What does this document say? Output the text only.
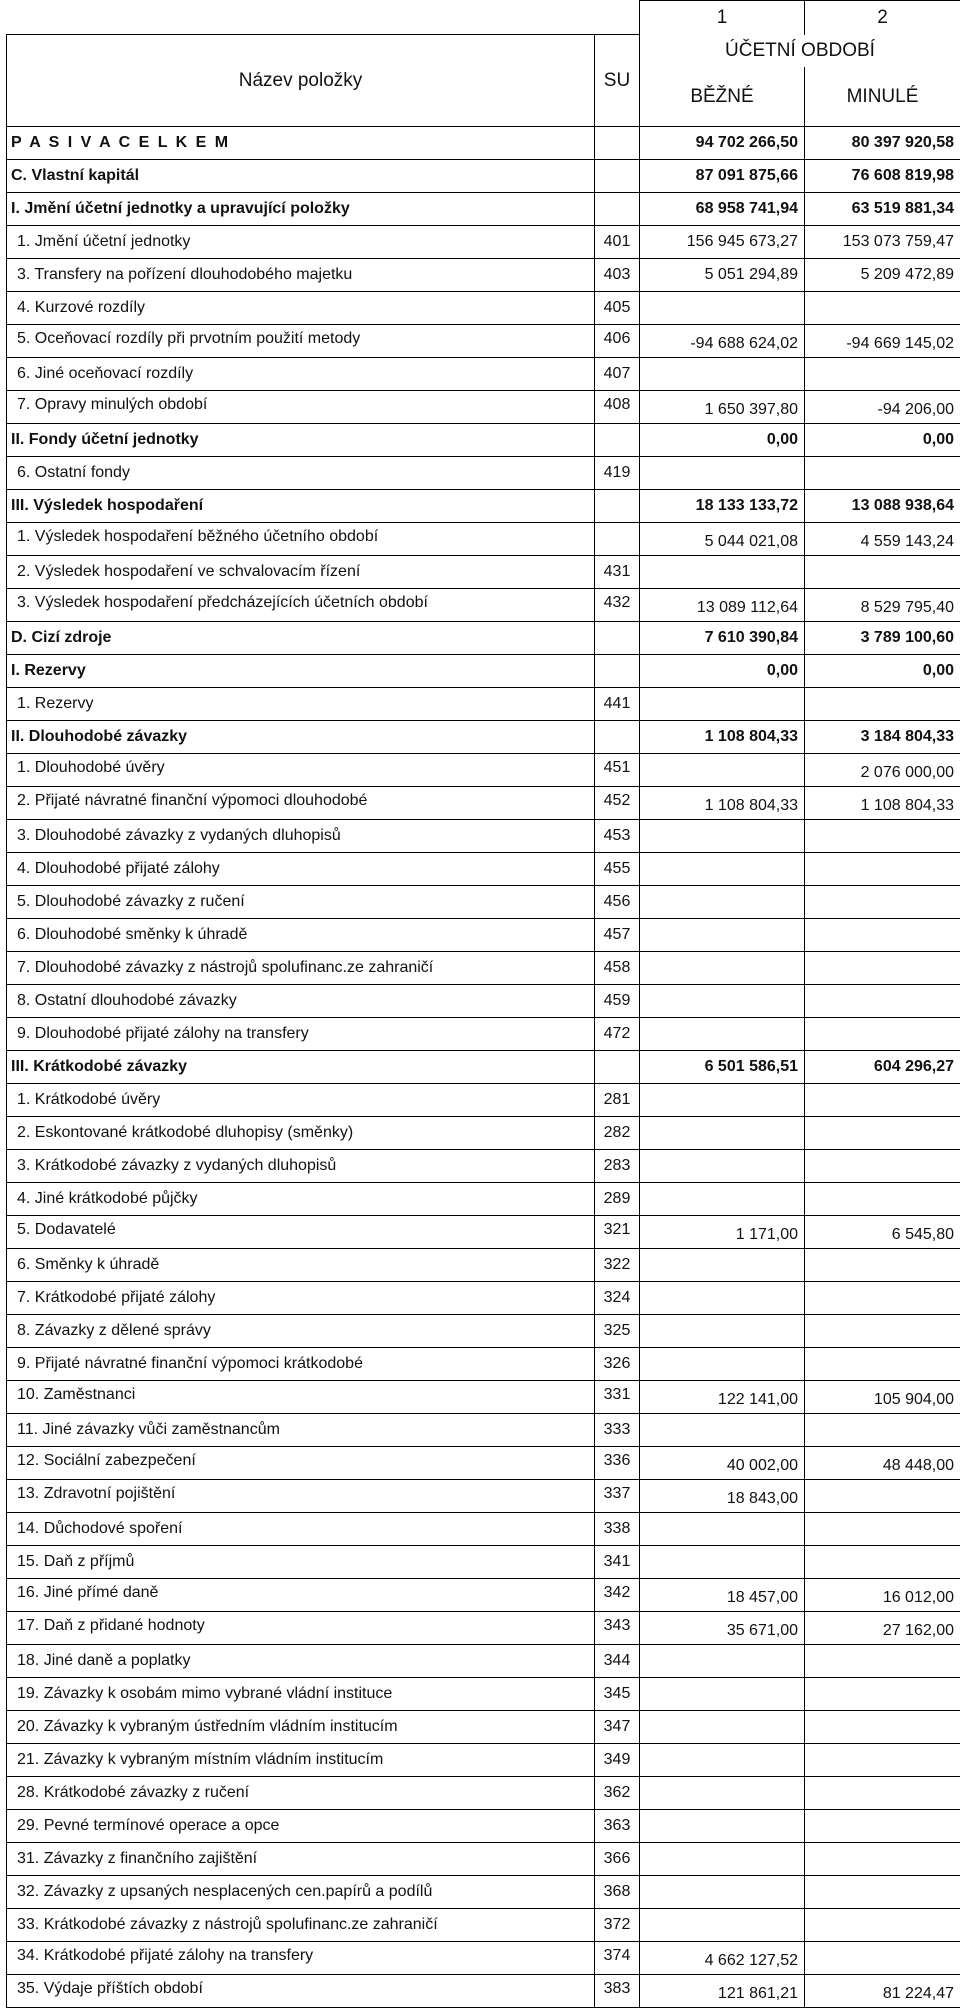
		1	2
Název položky	SU	ÚČETNÍ OBDOBÍ	
		BĚŽNÉ	MINULÉ
P A S I V A C E L K E M		94 702 266,50	80 397 920,58
C. Vlastní kapitál		87 091 875,66	76 608 819,98
I. Jmění účetní jednotky a upravující položky		68 958 741,94	63 519 881,34
1. Jmění účetní jednotky	401	156 945 673,27	153 073 759,47
3. Transfery na pořízení dlouhodobého majetku	403	5 051 294,89	5 209 472,89
4. Kurzové rozdíly	405		
5. Oceňovací rozdíly při prvotním použití metody	406	-94 688 624,02	-94 669 145,02
6. Jiné oceňovací rozdíly	407		
7. Opravy minulých období	408	1 650 397,80	-94 206,00
II. Fondy účetní jednotky		0,00	0,00
6. Ostatní fondy	419		
III. Výsledek hospodaření		18 133 133,72	13 088 938,64
1. Výsledek hospodaření běžného účetního období		5 044 021,08	4 559 143,24
2. Výsledek hospodaření ve schvalovacím řízení	431		
3. Výsledek hospodaření předcházejících účetních období	432	13 089 112,64	8 529 795,40
D. Cizí zdroje		7 610 390,84	3 789 100,60
I. Rezervy		0,00	0,00
1. Rezervy	441		
II. Dlouhodobé závazky		1 108 804,33	3 184 804,33
1. Dlouhodobé úvěry	451		2 076 000,00
2. Přijaté návratné finanční výpomoci dlouhodobé	452	1 108 804,33	1 108 804,33
3. Dlouhodobé závazky z vydaných dluhopisů	453		
4. Dlouhodobé přijaté zálohy	455		
5. Dlouhodobé závazky z ručení	456		
6. Dlouhodobé směnky k úhradě	457		
7. Dlouhodobé závazky z nástrojů spolufinanc.ze zahraničí	458		
8. Ostatní dlouhodobé závazky	459		
9. Dlouhodobé přijaté zálohy na transfery	472		
III. Krátkodobé závazky		6 501 586,51	604 296,27
1. Krátkodobé úvěry	281		
2. Eskontované krátkodobé dluhopisy (směnky)	282		
3. Krátkodobé závazky z vydaných dluhopisů	283		
4. Jiné krátkodobé půjčky	289		
5. Dodavatelé	321	1 171,00	6 545,80
6. Směnky k úhradě	322		
7. Krátkodobé přijaté zálohy	324		
8. Závazky z dělené správy	325		
9. Přijaté návratné finanční výpomoci krátkodobé	326		
10. Zaměstnanci	331	122 141,00	105 904,00
11. Jiné závazky vůči zaměstnancům	333		
12. Sociální zabezpečení	336	40 002,00	48 448,00
13. Zdravotní pojištění	337	18 843,00	
14. Důchodové spoření	338		
15. Daň z příjmů	341		
16. Jiné přímé daně	342	18 457,00	16 012,00
17. Daň z přidané hodnoty	343	35 671,00	27 162,00
18. Jiné daně a poplatky	344		
19. Závazky k osobám mimo vybrané vládní instituce	345		
20. Závazky k vybraným ústředním vládním institucím	347		
21. Závazky k vybraným místním vládním institucím	349		
28. Krátkodobé závazky z ručení	362		
29. Pevné termínové operace a opce	363		
31. Závazky z finančního zajištění	366		
32. Závazky z upsaných nesplacených cen.papírů a podílů	368		
33. Krátkodobé závazky z nástrojů spolufinanc.ze zahraničí	372		
34. Krátkodobé přijaté zálohy na transfery	374	4 662 127,52	
35. Výdaje příštích období	383	121 861,21	81 224,47
